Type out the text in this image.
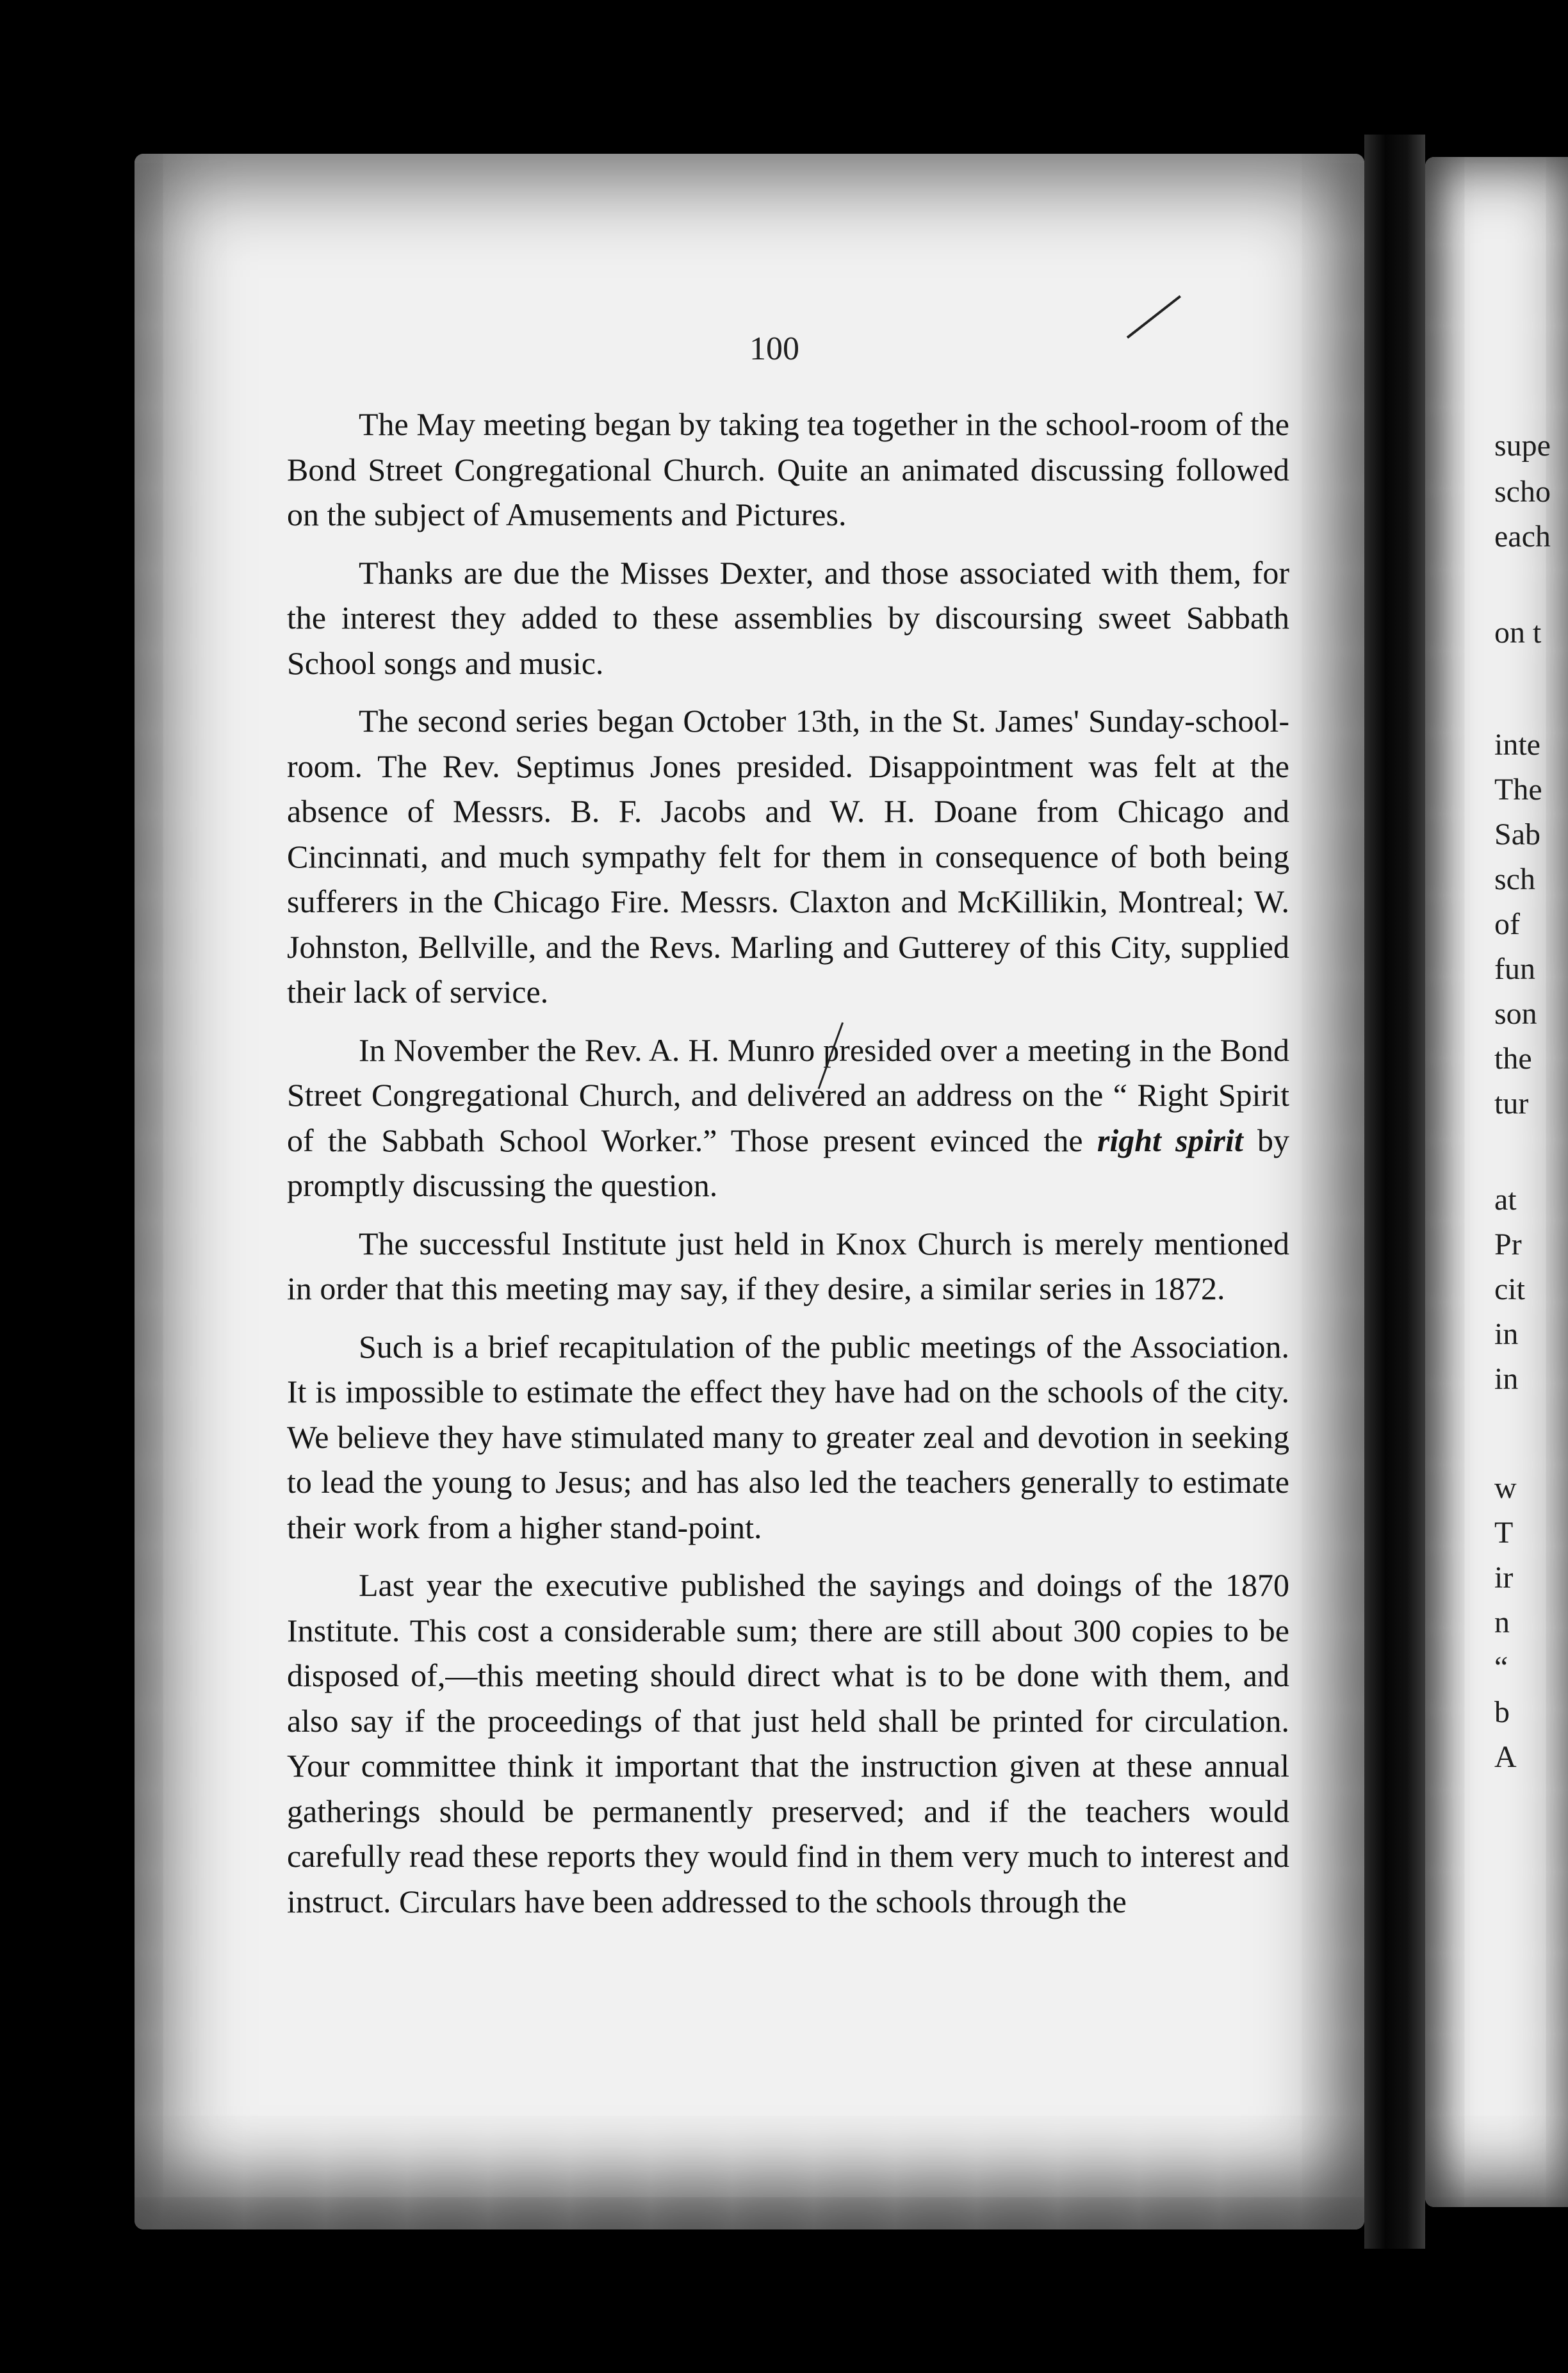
100

The May meeting began by taking tea together in the school-room of the Bond Street Congregational Church. Quite an animated discussing followed on the subject of Amusements and Pictures.

Thanks are due the Misses Dexter, and those associated with them, for the interest they added to these assemblies by discoursing sweet Sabbath School songs and music.

The second series began October 13th, in the St. James' Sunday-school-room. The Rev. Septimus Jones presided. Disappointment was felt at the absence of Messrs. B. F. Jacobs and W. H. Doane from Chicago and Cincinnati, and much sympathy felt for them in consequence of both being sufferers in the Chicago Fire. Messrs. Claxton and McKillikin, Montreal; W. Johnston, Bellville, and the Revs. Marling and Gutterey of this City, supplied their lack of service.

In November the Rev. A. H. Munro presided over a meeting in the Bond Street Congregational Church, and delivered an address on the “ Right Spirit of the Sabbath School Worker.” Those present evinced the right spirit by promptly discussing the question.

The successful Institute just held in Knox Church is merely mentioned in order that this meeting may say, if they desire, a similar series in 1872.

Such is a brief recapitulation of the public meetings of the Association. It is impossible to estimate the effect they have had on the schools of the city. We believe they have stimulated many to greater zeal and devotion in seeking to lead the young to Jesus; and has also led the teachers generally to estimate their work from a higher stand-point.

Last year the executive published the sayings and doings of the 1870 Institute. This cost a considerable sum; there are still about 300 copies to be disposed of,—this meeting should direct what is to be done with them, and also say if the proceedings of that just held shall be printed for circulation. Your committee think it important that the instruction given at these annual gatherings should be permanently preserved; and if the teachers would carefully read these reports they would find in them very much to interest and instruct. Circulars have been addressed to the schools through the

supe
scho
each
on t
inte
The
Sab
sch
of
fun
son
the
tur
at
Pr
cit
in
in
w
T
ir
n
“
b
A
